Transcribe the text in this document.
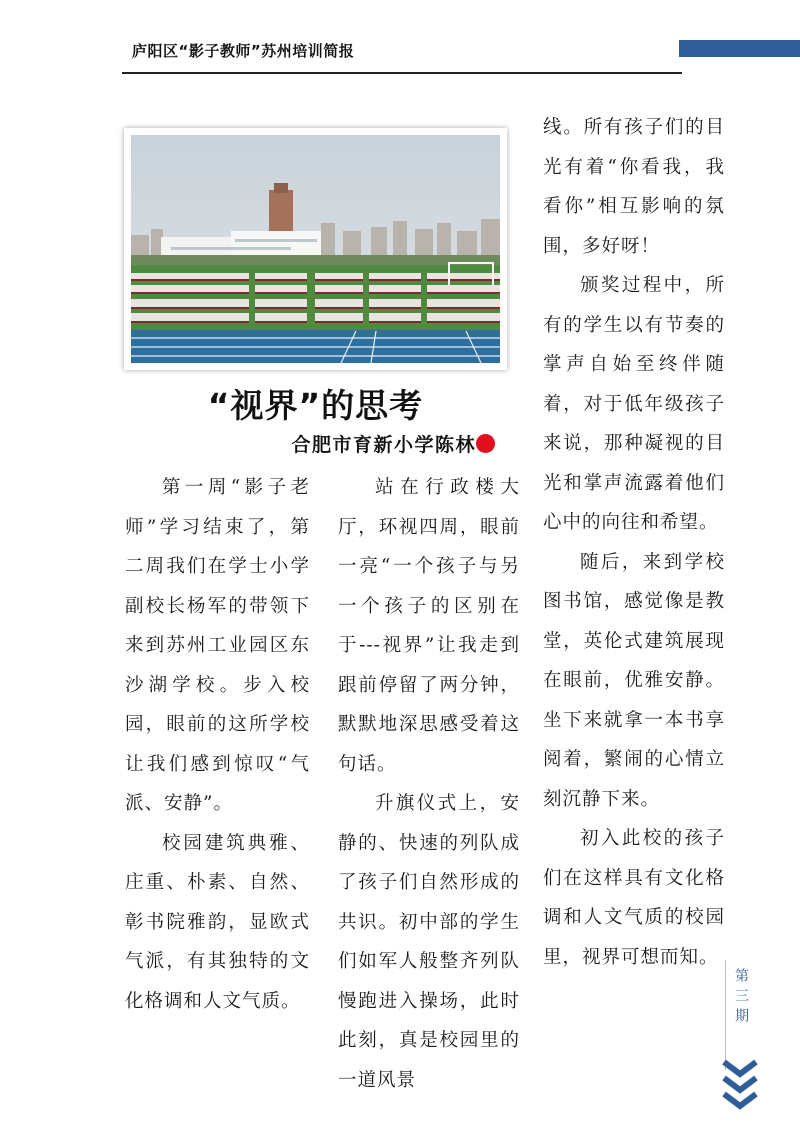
庐阳区“影子教师”苏州培训简报
“视界”的思考
合肥市育新小学陈林

第一周“影子老师”学习结束了，第二周我们在学士小学副校长杨军的带领下来到苏州工业园区东沙湖学校。步入校园，眼前的这所学校让我们感到惊叹“气派、安静”。

校园建筑典雅、庄重、朴素、自然、彰书院雅韵，显欧式气派，有其独特的文化格调和人文气质。

站在行政楼大厅，环视四周，眼前一亮“一个孩子与另一个孩子的区别在于---视界”让我走到跟前停留了两分钟，默默地深思感受着这句话。

升旗仪式上，安静的、快速的列队成了孩子们自然形成的共识。初中部的学生们如军人般整齐列队慢跑进入操场，此时此刻，真是校园里的一道风景

线。所有孩子们的目光有着“你看我，我看你”相互影响的氛围，多好呀！

颁奖过程中，所有的学生以有节奏的掌声自始至终伴随着，对于低年级孩子来说，那种凝视的目光和掌声流露着他们心中的向往和希望。

随后，来到学校图书馆，感觉像是教堂，英伦式建筑展现在眼前，优雅安静。坐下来就拿一本书享阅着，繁闹的心情立刻沉静下来。

初入此校的孩子们在这样具有文化格调和人文气质的校园里，视界可想而知。

第三期
